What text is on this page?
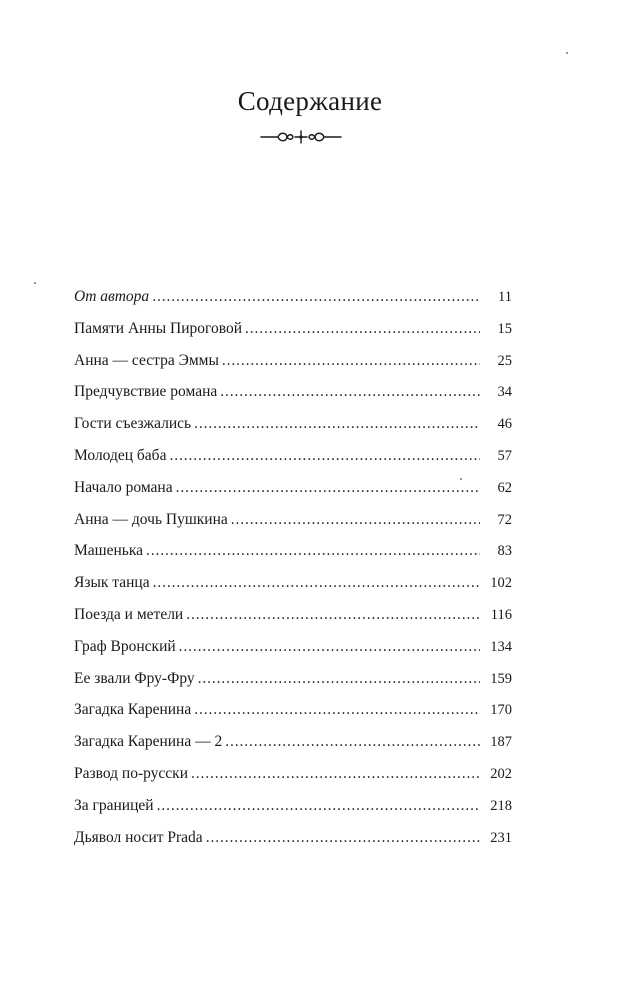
Содержание
От автора . . .	11
Памяти Анны Пироговой . . .	15
Анна — сестра Эммы . . .	25
Предчувствие романа . . .	34
Гости съезжались . . .	46
Молодец баба . . .	57
Начало романа . . .	62
Анна — дочь Пушкина . . .	72
Машенька . . .	83
Язык танца . . .	102
Поезда и метели . . .	116
Граф Вронский . . .	134
Ее звали Фру-Фру . . .	159
Загадка Каренина . . .	170
Загадка Каренина — 2 . . .	187
Развод по-русски . . .	202
За границей . . .	218
Дьявол носит Prada . . .	231
